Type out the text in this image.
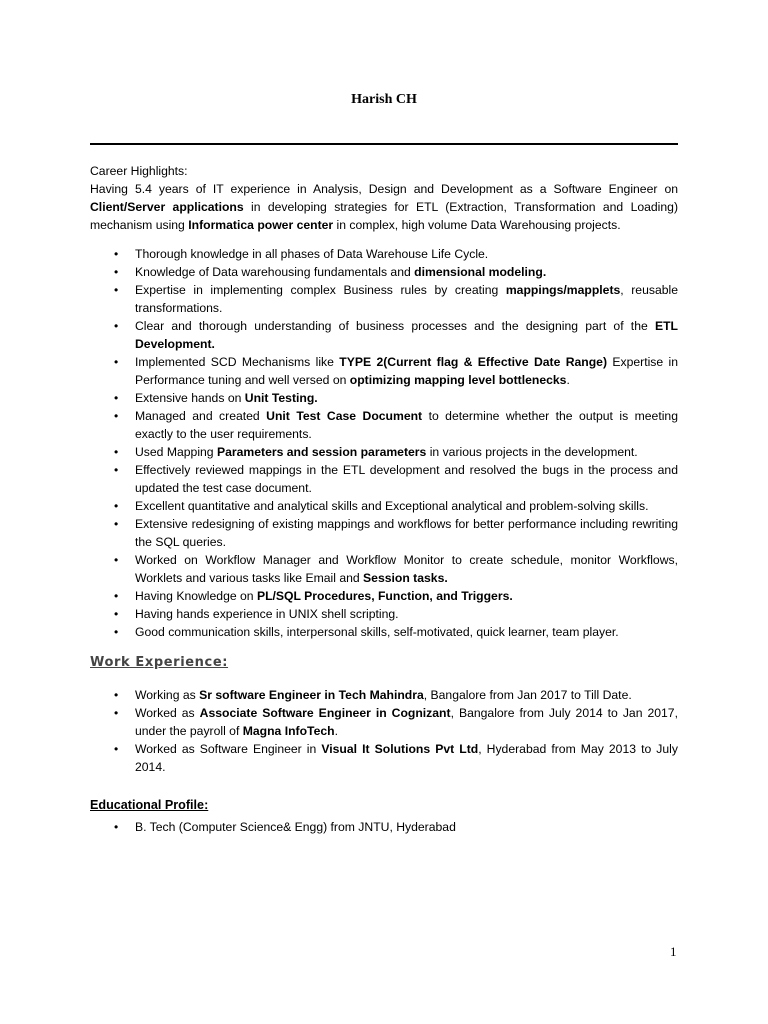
Harish CH
Career Highlights:

Having 5.4 years of IT experience in Analysis, Design and Development as a Software Engineer on Client/Server applications in developing strategies for ETL (Extraction, Transformation and Loading) mechanism using Informatica power center in complex, high volume Data Warehousing projects.

• Thorough knowledge in all phases of Data Warehouse Life Cycle.
• Knowledge of Data warehousing fundamentals and dimensional modeling.
• Expertise in implementing complex Business rules by creating mappings/mapplets, reusable transformations.
• Clear and thorough understanding of business processes and the designing part of the ETL Development.
• Implemented SCD Mechanisms like TYPE 2(Current flag & Effective Date Range) Expertise in Performance tuning and well versed on optimizing mapping level bottlenecks.
• Extensive hands on Unit Testing.
• Managed and created Unit Test Case Document to determine whether the output is meeting exactly to the user requirements.
• Used Mapping Parameters and session parameters in various projects in the development.
• Effectively reviewed mappings in the ETL development and resolved the bugs in the process and updated the test case document.
• Excellent quantitative and analytical skills and Exceptional analytical and problem-solving skills.
• Extensive redesigning of existing mappings and workflows for better performance including rewriting the SQL queries.
• Worked on Workflow Manager and Workflow Monitor to create schedule, monitor Workflows, Worklets and various tasks like Email and Session tasks.
• Having Knowledge on PL/SQL Procedures, Function, and Triggers.
• Having hands experience in UNIX shell scripting.
• Good communication skills, interpersonal skills, self-motivated, quick learner, team player.
Work Experience:
• Working as Sr software Engineer in Tech Mahindra, Bangalore from Jan 2017 to Till Date.
• Worked as Associate Software Engineer in Cognizant, Bangalore from July 2014 to Jan 2017, under the payroll of Magna InfoTech.
• Worked as Software Engineer in Visual It Solutions Pvt Ltd, Hyderabad from May 2013 to July 2014.
Educational Profile:
• B. Tech (Computer Science& Engg) from JNTU, Hyderabad
1
